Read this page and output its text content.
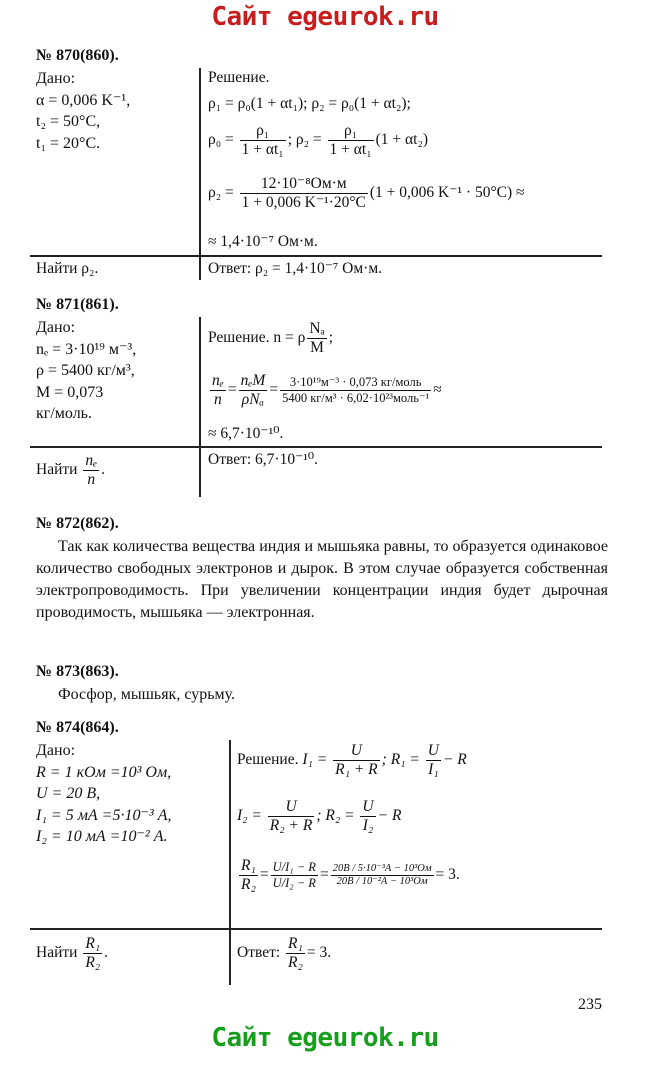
Сайт egeurok.ru
№ 870(860).
Дано:
α = 0,006 K⁻¹,
t₂ = 50°C,
t₁ = 20°C.
Решение.
ρ₁ = ρ₀(1 + αt₁); ρ₂ = ρ₀(1 + αt₂);
$\rho_0 = \frac{\text{ρ₁}}{\text{1 + αt₁}}$ ; $\rho_2 = \frac{\text{ρ₁}}{\text{1 + αt₁}} (1 + \alpha t_2)$
$\rho_2 = \frac{\text{12·10⁻⁸Ом·м}}{\text{1 + 0,006 K⁻¹·20°C}} (1 + 0,006$ K⁻¹ · 50°C) ≈
≈ 1,4·10⁻⁷ Ом·м.
Найти ρ₂.	Ответ: ρ₂ = 1,4·10⁻⁷ Ом·м.
№ 871(861).
Дано:
nₑ = 3·10¹⁹ м⁻³,
ρ = 5400 кг/м³,
M = 0,073
кг/моль.
Решение. n = ρ $\frac{\text{Nₐ}}{M}$ ;
$\frac{\text{nₑ}}{n} = \frac{\text{nₑM}}{\text{ρNₐ}} = \frac{\text{3·10¹⁹м⁻³ · 0,073 кг/моль}}{\text{5400 кг/м³ · 6,02·10²³моль⁻¹}}$ ≈
≈ 6,7·10⁻¹⁰.
Найти $\frac{\text{nₑ}}{n}$ .
Ответ: 6,7·10⁻¹⁰.
№ 872(862).
Так как количества вещества индия и мышьяка равны, то образуется одинаковое количество свободных электронов и дырок. В этом случае образуется собственная электропроводимость. При увеличении концентрации индия будет дырочная проводимость, мышьяка — электронная.
№ 873(863).
Фосфор, мышьяк, сурьму.
№ 874(864).
Дано:
R = 1 кОм =10³ Ом,
U = 20 В,
I₁ = 5 мА =5·10⁻³ А,
I₂ = 10 мА =10⁻² А.
Решение. $I_1 = \frac{U}{\text{R₁ + R}}$ ; $R_1 = \frac{U}{\text{I₁}} - R$
$I_2 = \frac{U}{\text{R₂ + R}}$ ; $R_2 = \frac{U}{\text{I₂}} - R$
$\frac{\text{R₁}}{\text{R₂}} = \frac{\text{U/I₁ − R}}{\text{U/I₂ − R}} = \frac{\text{20В / 5·10⁻³А − 10³Ом}}{\text{20В / 10⁻²А − 10³Ом}} = 3$.
Найти $\frac{\text{R₁}}{\text{R₂}}$ .	Ответ: $\frac{\text{R₁}}{\text{R₂}} = 3$.
235
Сайт egeurok.ru
